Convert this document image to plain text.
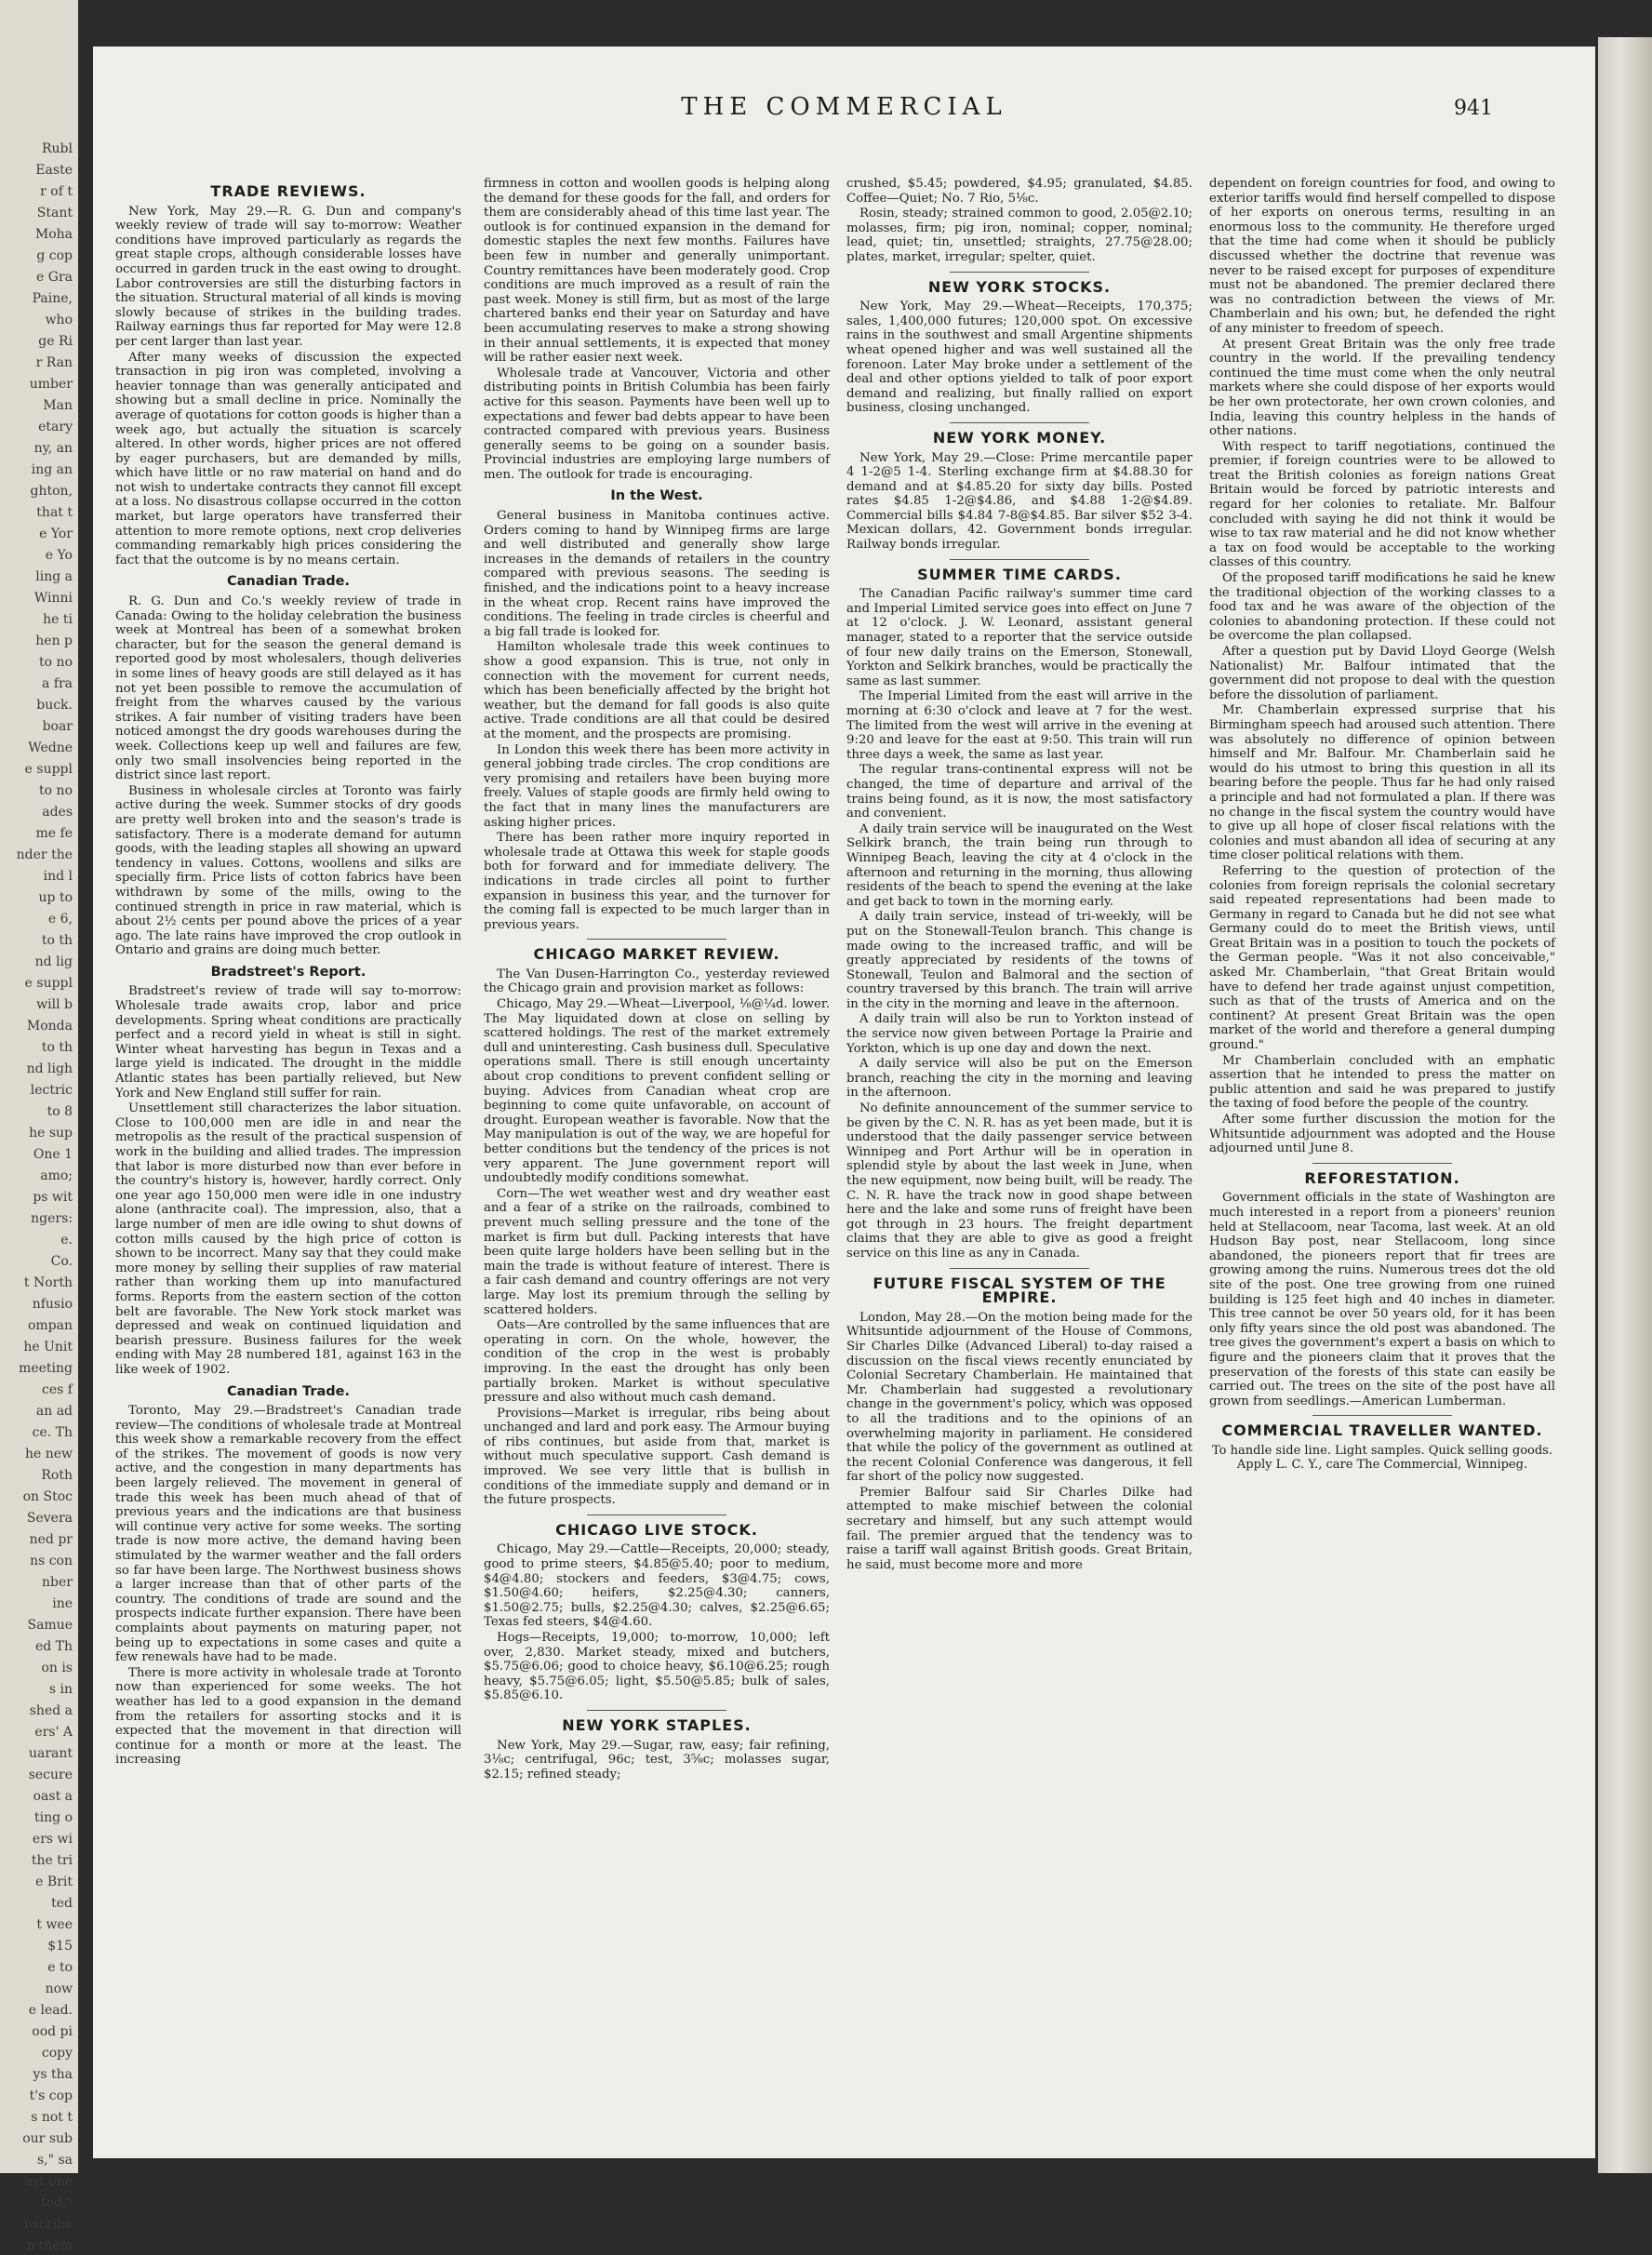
Rubl
Easte
r of t
Stant
Moha
g cop
e Gra
Paine,
who
ge Ri
r Ran
umber
Man
etary
ny, an
ing an
ghton,
that t
e Yor
e Yo
ling a
Winni
he ti
hen p
to no
a fra
buck.
boar
Wedne
e suppl
to no
ades
me fe
nder the
ind l
up to
e 6,
to th
nd lig
e suppl
will b
Monda
to th
nd ligh
lectric
to 8
he sup
One 1
amo;
ps wit
ngers:
e.
Co.
t North
nfusio
ompan
he Unit
meeting
ces f
an ad
ce. Th
he new
Roth
on Stoc
Severa
ned pr
ns con
nber
ine
Samue
ed Th
on is
s in
shed a
ers' A
uarant
secure
oast a
ting o
ers wi
the tri
e Brit
ted
t wee
$15
e to
now
e lead.
ood pi
copy
ys tha
t's cop
s not t
our sub
s," sa
ast one
ted."
bscribe
n them
THE COMMERCIAL	941
TRADE REVIEWS.

New York, May 29.—R. G. Dun and company's weekly review of trade will say to-morrow: Weather conditions have improved particularly as regards the great staple crops, although considerable losses have occurred in garden truck in the east owing to drought. Labor controversies are still the disturbing factors in the situation. Structural material of all kinds is moving slowly because of strikes in the building trades. Railway earnings thus far reported for May were 12.8 per cent larger than last year.

After many weeks of discussion the expected transaction in pig iron was completed, involving a heavier tonnage than was generally anticipated and showing but a small decline in price. Nominally the average of quotations for cotton goods is higher than a week ago, but actually the situation is scarcely altered. In other words, higher prices are not offered by eager purchasers, but are demanded by mills, which have little or no raw material on hand and do not wish to undertake contracts they cannot fill except at a loss. No disastrous collapse occurred in the cotton market, but large operators have transferred their attention to more remote options, next crop deliveries commanding remarkably high prices considering the fact that the outcome is by no means certain.

Canadian Trade.

R. G. Dun and Co.'s weekly review of trade in Canada: Owing to the holiday celebration the business week at Montreal has been of a somewhat broken character, but for the season the general demand is reported good by most wholesalers, though deliveries in some lines of heavy goods are still delayed as it has not yet been possible to remove the accumulation of freight from the wharves caused by the various strikes. A fair number of visiting traders have been noticed amongst the dry goods warehouses during the week. Collections keep up well and failures are few, only two small insolvencies being reported in the district since last report.

Business in wholesale circles at Toronto was fairly active during the week. Summer stocks of dry goods are pretty well broken into and the season's trade is satisfactory. There is a moderate demand for autumn goods, with the leading staples all showing an upward tendency in values. Cottons, woollens and silks are specially firm. Price lists of cotton fabrics have been withdrawn by some of the mills, owing to the continued strength in price in raw material, which is about 2½ cents per pound above the prices of a year ago. The late rains have improved the crop outlook in Ontario and grains are doing much better.

Bradstreet's Report.

Bradstreet's review of trade will say to-morrow: Wholesale trade awaits crop, labor and price developments. Spring wheat conditions are practically perfect and a record yield in wheat is still in sight. Winter wheat harvesting has begun in Texas and a large yield is indicated. The drought in the middle Atlantic states has been partially relieved, but New York and New England still suffer for rain.

Unsettlement still characterizes the labor situation. Close to 100,000 men are idle in and near the metropolis as the result of the practical suspension of work in the building and allied trades. The impression that labor is more disturbed now than ever before in the country's history is, however, hardly correct. Only one year ago 150,000 men were idle in one industry alone (anthracite coal). The impression, also, that a large number of men are idle owing to shut downs of cotton mills caused by the high price of cotton is shown to be incorrect. Many say that they could make more money by selling their supplies of raw material rather than working them up into manufactured forms. Reports from the eastern section of the cotton belt are favorable. The New York stock market was depressed and weak on continued liquidation and bearish pressure. Business failures for the week ending with May 28 numbered 181, against 163 in the like week of 1902.

Canadian Trade.

Toronto, May 29.—Bradstreet's Canadian trade review—The conditions of wholesale trade at Montreal this week show a remarkable recovery from the effect of the strikes. The movement of goods is now very active, and the congestion in many departments has been largely relieved. The movement in general of trade this week has been much ahead of that of previous years and the indications are that business will continue very active for some weeks. The sorting trade is now more active, the demand having been stimulated by the warmer weather and the fall orders so far have been large. The Northwest business shows a larger increase than that of other parts of the country. The conditions of trade are sound and the prospects indicate further expansion. There have been complaints about payments on maturing paper, not being up to expectations in some cases and quite a few renewals have had to be made.

There is more activity in wholesale trade at Toronto now than experienced for some weeks. The hot weather has led to a good expansion in the demand from the retailers for assorting stocks and it is expected that the movement in that direction will continue for a month or more at the least. The increasing

firmness in cotton and woollen goods is helping along the demand for these goods for the fall, and orders for them are considerably ahead of this time last year. The outlook is for continued expansion in the demand for domestic staples the next few months. Failures have been few in number and generally unimportant. Country remittances have been moderately good. Crop conditions are much improved as a result of rain the past week. Money is still firm, but as most of the large chartered banks end their year on Saturday and have been accumulating reserves to make a strong showing in their annual settlements, it is expected that money will be rather easier next week.

Wholesale trade at Vancouver, Victoria and other distributing points in British Columbia has been fairly active for this season. Payments have been well up to expectations and fewer bad debts appear to have been contracted compared with previous years. Business generally seems to be going on a sounder basis. Provincial industries are employing large numbers of men. The outlook for trade is encouraging.

In the West.

General business in Manitoba continues active. Orders coming to hand by Winnipeg firms are large and well distributed and generally show large increases in the demands of retailers in the country compared with previous seasons. The seeding is finished, and the indications point to a heavy increase in the wheat crop. Recent rains have improved the conditions. The feeling in trade circles is cheerful and a big fall trade is looked for.

Hamilton wholesale trade this week continues to show a good expansion. This is true, not only in connection with the movement for current needs, which has been beneficially affected by the bright hot weather, but the demand for fall goods is also quite active. Trade conditions are all that could be desired at the moment, and the prospects are promising.

In London this week there has been more activity in general jobbing trade circles. The crop conditions are very promising and retailers have been buying more freely. Values of staple goods are firmly held owing to the fact that in many lines the manufacturers are asking higher prices.

There has been rather more inquiry reported in wholesale trade at Ottawa this week for staple goods both for forward and for immediate delivery. The indications in trade circles all point to further expansion in business this year, and the turnover for the coming fall is expected to be much larger than in previous years.

CHICAGO MARKET REVIEW.

The Van Dusen-Harrington Co., yesterday reviewed the Chicago grain and provision market as follows:

Chicago, May 29.—Wheat—Liverpool, ⅛@¼d. lower. The May liquidated down at close on selling by scattered holdings. The rest of the market extremely dull and uninteresting. Cash business dull. Speculative operations small. There is still enough uncertainty about crop conditions to prevent confident selling or buying. Advices from Canadian wheat crop are beginning to come quite unfavorable, on account of drought. European weather is favorable. Now that the May manipulation is out of the way, we are hopeful for better conditions but the tendency of the prices is not very apparent. The June government report will undoubtedly modify conditions somewhat.

Corn—The wet weather west and dry weather east and a fear of a strike on the railroads, combined to prevent much selling pressure and the tone of the market is firm but dull. Packing interests that have been quite large holders have been selling but in the main the trade is without feature of interest. There is a fair cash demand and country offerings are not very large. May lost its premium through the selling by scattered holders.

Oats—Are controlled by the same influences that are operating in corn. On the whole, however, the condition of the crop in the west is probably improving. In the east the drought has only been partially broken. Market is without speculative pressure and also without much cash demand.

Provisions—Market is irregular, ribs being about unchanged and lard and pork easy. The Armour buying of ribs continues, but aside from that, market is without much speculative support. Cash demand is improved. We see very little that is bullish in conditions of the immediate supply and demand or in the future prospects.

CHICAGO LIVE STOCK.

Chicago, May 29.—Cattle—Receipts, 20,000; steady, good to prime steers, $4.85@5.40; poor to medium, $4@4.80; stockers and feeders, $3@4.75; cows, $1.50@4.60; heifers, $2.25@4.30; canners, $1.50@2.75; bulls, $2.25@4.30; calves, $2.25@6.65; Texas fed steers, $4@4.60.

Hogs—Receipts, 19,000; to-morrow, 10,000; left over, 2,830. Market steady, mixed and butchers, $5.75@6.06; good to choice heavy, $6.10@6.25; rough heavy, $5.75@6.05; light, $5.50@5.85; bulk of sales, $5.85@6.10.

NEW YORK STAPLES.

New York, May 29.—Sugar, raw, easy; fair refining, 3⅛c; centrifugal, 96c; test, 3⅝c; molasses sugar, $2.15; refined steady;

crushed, $5.45; powdered, $4.95; granulated, $4.85. Coffee—Quiet; No. 7 Rio, 5⅛c.

Rosin, steady; strained common to good, 2.05@2.10; molasses, firm; pig iron, nominal; copper, nominal; lead, quiet; tin, unsettled; straights, 27.75@28.00; plates, market, irregular; spelter, quiet.

NEW YORK STOCKS.

New York, May 29.—Wheat—Receipts, 170,375; sales, 1,400,000 futures; 120,000 spot. On excessive rains in the southwest and small Argentine shipments wheat opened higher and was well sustained all the forenoon. Later May broke under a settlement of the deal and other options yielded to talk of poor export demand and realizing, but finally rallied on export business, closing unchanged.

NEW YORK MONEY.

New York, May 29.—Close: Prime mercantile paper 4 1-2@5 1-4. Sterling exchange firm at $4.88.30 for demand and at $4.85.20 for sixty day bills. Posted rates $4.85 1-2@$4.86, and $4.88 1-2@$4.89. Commercial bills $4.84 7-8@$4.85. Bar silver $52 3-4. Mexican dollars, 42. Government bonds irregular. Railway bonds irregular.

SUMMER TIME CARDS.

The Canadian Pacific railway's summer time card and Imperial Limited service goes into effect on June 7 at 12 o'clock. J. W. Leonard, assistant general manager, stated to a reporter that the service outside of four new daily trains on the Emerson, Stonewall, Yorkton and Selkirk branches, would be practically the same as last summer.

The Imperial Limited from the east will arrive in the morning at 6:30 o'clock and leave at 7 for the west. The limited from the west will arrive in the evening at 9:20 and leave for the east at 9:50. This train will run three days a week, the same as last year.

The regular trans-continental express will not be changed, the time of departure and arrival of the trains being found, as it is now, the most satisfactory and convenient.

A daily train service will be inaugurated on the West Selkirk branch, the train being run through to Winnipeg Beach, leaving the city at 4 o'clock in the afternoon and returning in the morning, thus allowing residents of the beach to spend the evening at the lake and get back to town in the morning early.

A daily train service, instead of tri-weekly, will be put on the Stonewall-Teulon branch. This change is made owing to the increased traffic, and will be greatly appreciated by residents of the towns of Stonewall, Teulon and Balmoral and the section of country traversed by this branch. The train will arrive in the city in the morning and leave in the afternoon.

A daily train will also be run to Yorkton instead of the service now given between Portage la Prairie and Yorkton, which is up one day and down the next.

A daily service will also be put on the Emerson branch, reaching the city in the morning and leaving in the afternoon.

No definite announcement of the summer service to be given by the C. N. R. has as yet been made, but it is understood that the daily passenger service between Winnipeg and Port Arthur will be in operation in splendid style by about the last week in June, when the new equipment, now being built, will be ready. The C. N. R. have the track now in good shape between here and the lake and some runs of freight have been got through in 23 hours. The freight department claims that they are able to give as good a freight service on this line as any in Canada.

FUTURE FISCAL SYSTEM OF THE EMPIRE.

London, May 28.—On the motion being made for the Whitsuntide adjournment of the House of Commons, Sir Charles Dilke (Advanced Liberal) to-day raised a discussion on the fiscal views recently enunciated by Colonial Secretary Chamberlain. He maintained that Mr. Chamberlain had suggested a revolutionary change in the government's policy, which was opposed to all the traditions and to the opinions of an overwhelming majority in parliament. He considered that while the policy of the government as outlined at the recent Colonial Conference was dangerous, it fell far short of the policy now suggested.

Premier Balfour said Sir Charles Dilke had attempted to make mischief between the colonial secretary and himself, but any such attempt would fail. The premier argued that the tendency was to raise a tariff wall against British goods. Great Britain, he said, must become more and more

dependent on foreign countries for food, and owing to exterior tariffs would find herself compelled to dispose of her exports on onerous terms, resulting in an enormous loss to the community. He therefore urged that the time had come when it should be publicly discussed whether the doctrine that revenue was never to be raised except for purposes of expenditure must not be abandoned. The premier declared there was no contradiction between the views of Mr. Chamberlain and his own; but, he defended the right of any minister to freedom of speech.

At present Great Britain was the only free trade country in the world. If the prevailing tendency continued the time must come when the only neutral markets where she could dispose of her exports would be her own protectorate, her own crown colonies, and India, leaving this country helpless in the hands of other nations.

With respect to tariff negotiations, continued the premier, if foreign countries were to be allowed to treat the British colonies as foreign nations Great Britain would be forced by patriotic interests and regard for her colonies to retaliate. Mr. Balfour concluded with saying he did not think it would be wise to tax raw material and he did not know whether a tax on food would be acceptable to the working classes of this country.

Of the proposed tariff modifications he said he knew the traditional objection of the working classes to a food tax and he was aware of the objection of the colonies to abandoning protection. If these could not be overcome the plan collapsed.

After a question put by David Lloyd George (Welsh Nationalist) Mr. Balfour intimated that the government did not propose to deal with the question before the dissolution of parliament.

Mr. Chamberlain expressed surprise that his Birmingham speech had aroused such attention. There was absolutely no difference of opinion between himself and Mr. Balfour. Mr. Chamberlain said he would do his utmost to bring this question in all its bearing before the people. Thus far he had only raised a principle and had not formulated a plan. If there was no change in the fiscal system the country would have to give up all hope of closer fiscal relations with the colonies and must abandon all idea of securing at any time closer political relations with them.

Referring to the question of protection of the colonies from foreign reprisals the colonial secretary said repeated representations had been made to Germany in regard to Canada but he did not see what Germany could do to meet the British views, until Great Britain was in a position to touch the pockets of the German people. "Was it not also conceivable," asked Mr. Chamberlain, "that Great Britain would have to defend her trade against unjust competition, such as that of the trusts of America and on the continent? At present Great Britain was the open market of the world and therefore a general dumping ground."

Mr Chamberlain concluded with an emphatic assertion that he intended to press the matter on public attention and said he was prepared to justify the taxing of food before the people of the country.

After some further discussion the motion for the Whitsuntide adjournment was adopted and the House adjourned until June 8.

REFORESTATION.

Government officials in the state of Washington are much interested in a report from a pioneers' reunion held at Stellacoom, near Tacoma, last week. At an old Hudson Bay post, near Stellacoom, long since abandoned, the pioneers report that fir trees are growing among the ruins. Numerous trees dot the old site of the post. One tree growing from one ruined building is 125 feet high and 40 inches in diameter. This tree cannot be over 50 years old, for it has been only fifty years since the old post was abandoned. The tree gives the government's expert a basis on which to figure and the pioneers claim that it proves that the preservation of the forests of this state can easily be carried out. The trees on the site of the post have all grown from seedlings.—American Lumberman.

COMMERCIAL TRAVELLER WANTED.

To handle side line. Light samples. Quick selling goods. Apply L. C. Y., care The Commercial, Winnipeg.
